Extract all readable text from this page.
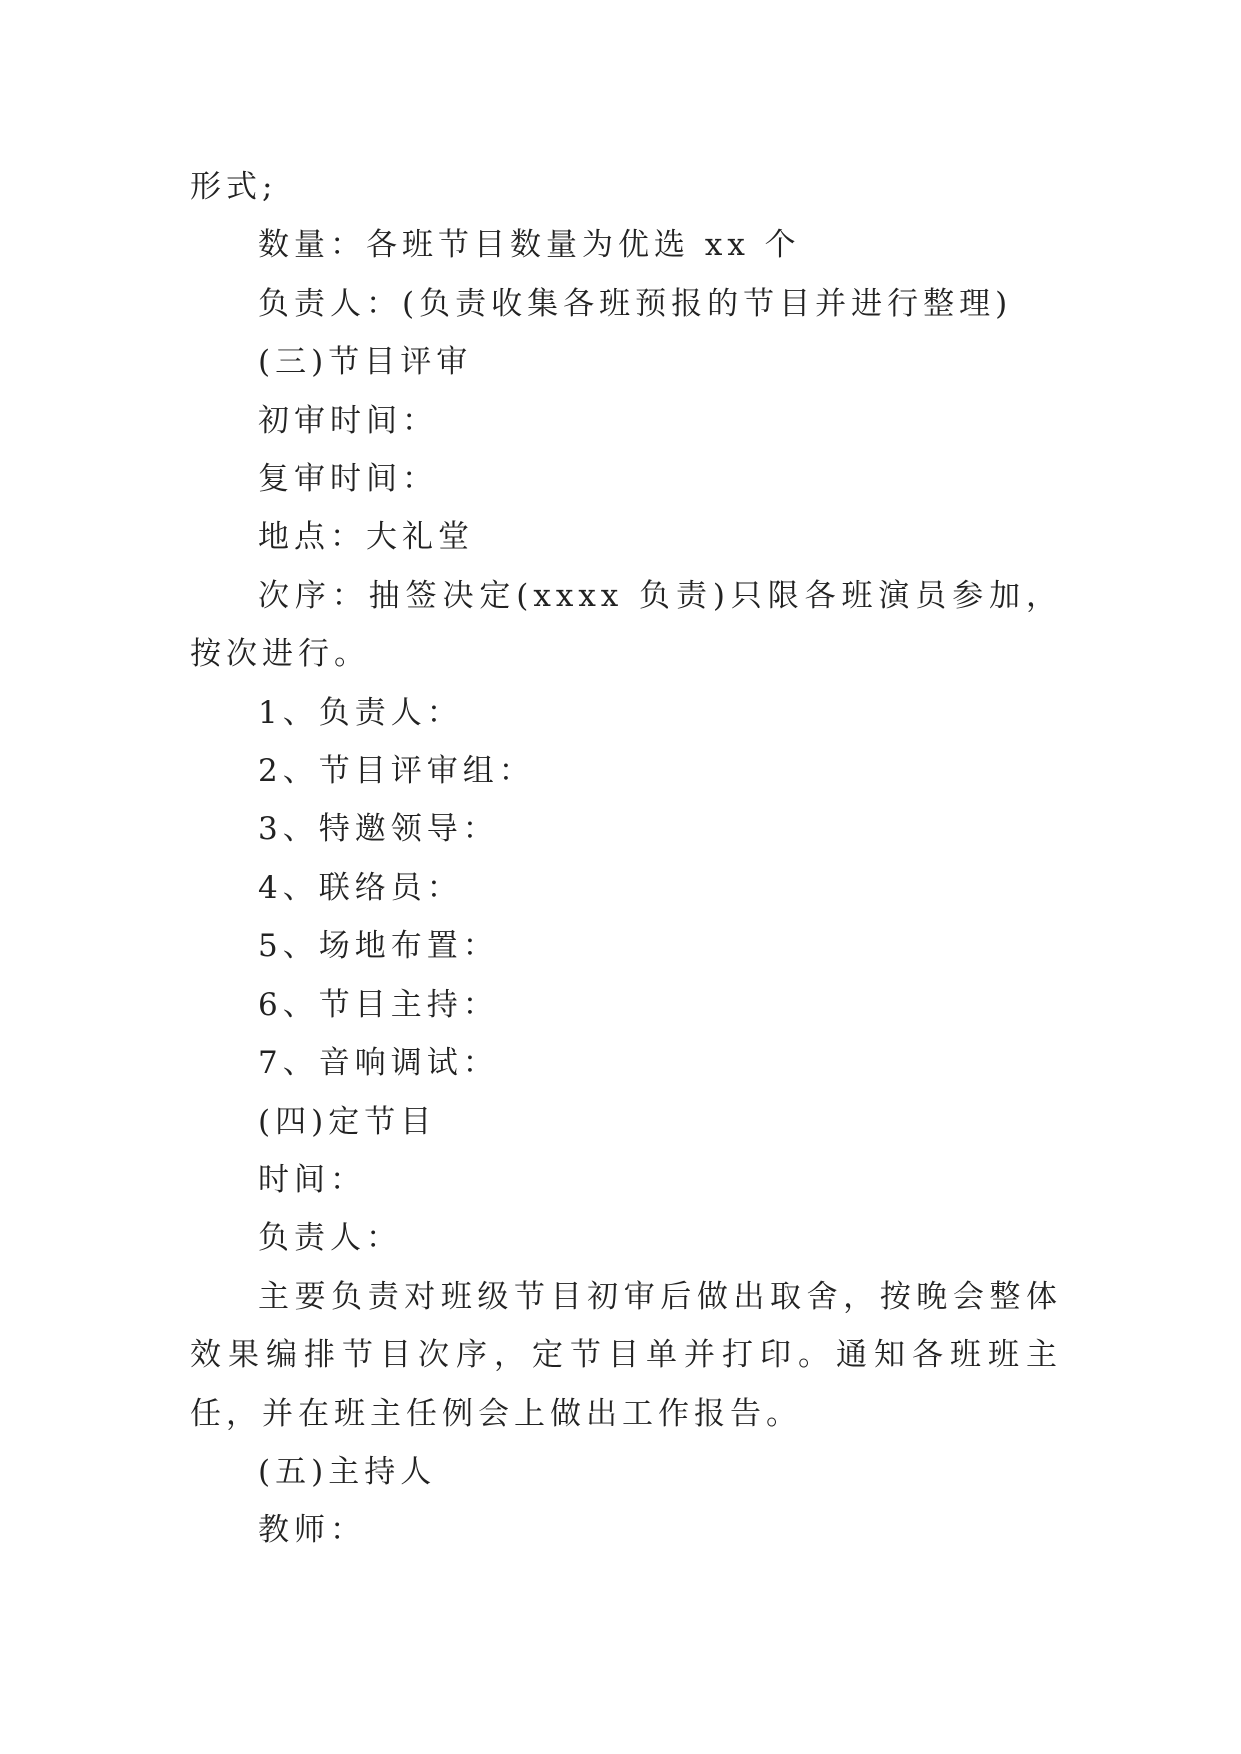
形式;

数量：各班节目数量为优选 xx 个

负责人：(负责收集各班预报的节目并进行整理)

(三)节目评审

初审时间：

复审时间：

地点：大礼堂

次序：抽签决定(xxxx 负责)只限各班演员参加，按次进行。

1、负责人：

2、节目评审组：

3、特邀领导：

4、联络员：

5、场地布置：

6、节目主持：

7、音响调试：

(四)定节目

时间：

负责人：

主要负责对班级节目初审后做出取舍，按晚会整体效果编排节目次序，定节目单并打印。通知各班班主任，并在班主任例会上做出工作报告。

(五)主持人

教师：
